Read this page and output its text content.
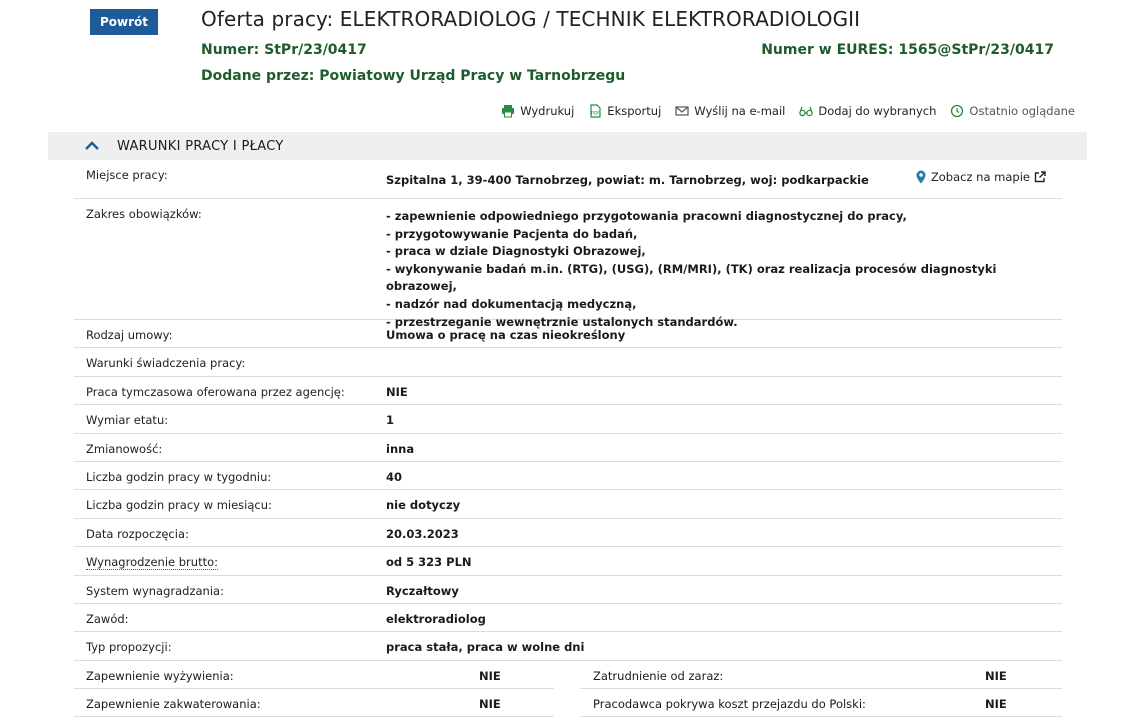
Powrót	Oferta pracy: ELEKTRORADIOLOG / TECHNIK ELEKTRORADIOLOGII
Numer: StPr/23/0417	Numer w EURES: 1565@StPr/23/0417
Dodane przez: Powiatowy Urząd Pracy w Tarnobrzegu
Wydrukuj	PDF Eksportuj	Wyślij na e-mail	Dodaj do wybranych	Ostatnio oglądane
WARUNKI PRACY I PŁACY
Miejsce pracy:	Szpitalna 1, 39-400 Tarnobrzeg, powiat: m. Tarnobrzeg, woj: podkarpackie	Zobacz na mapie
Zakres obowiązków:	- zapewnienie odpowiedniego przygotowania pracowni diagnostycznej do pracy,
- przygotowywanie Pacjenta do badań,
- praca w dziale Diagnostyki Obrazowej,
- wykonywanie badań m.in. (RTG), (USG), (RM/MRI), (TK) oraz realizacja procesów diagnostyki obrazowej,
- nadzór nad dokumentacją medyczną,
- przestrzeganie wewnętrznie ustalonych standardów.
Rodzaj umowy:	Umowa o pracę na czas nieokreślony
Warunki świadczenia pracy:
Praca tymczasowa oferowana przez agencję:	NIE
Wymiar etatu:	1
Zmianowość:	inna
Liczba godzin pracy w tygodniu:	40
Liczba godzin pracy w miesiącu:	nie dotyczy
Data rozpoczęcia:	20.03.2023
Wynagrodzenie brutto:	od 5 323 PLN
System wynagradzania:	Ryczałtowy
Zawód:	elektroradiolog
Typ propozycji:	praca stała, praca w wolne dni
Zapewnienie wyżywienia:	NIE	Zatrudnienie od zaraz:	NIE
Zapewnienie zakwaterowania:	NIE	Pracodawca pokrywa koszt przejazdu do Polski:	NIE
